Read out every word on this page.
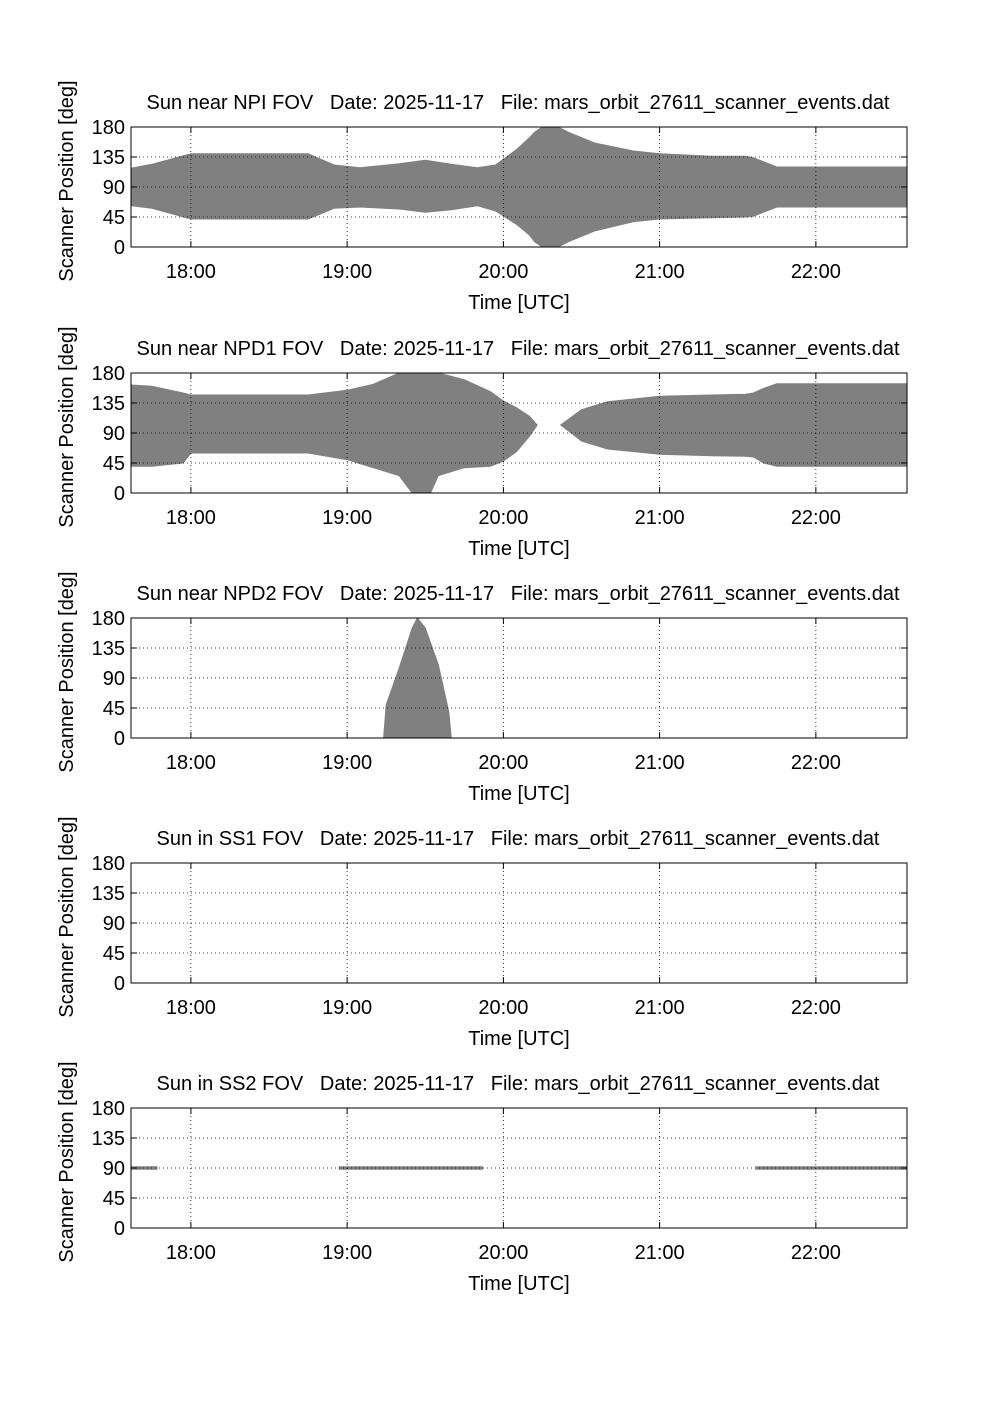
Sun near NPI FOV   Date: 2025-11-17   File: mars_orbit_27611_scanner_events.dat
Scanner Position [deg]
Time [UTC]
18:00	19:00	20:00	21:00	22:00
0
45
90
135
180
Sun near NPD1 FOV   Date: 2025-11-17   File: mars_orbit_27611_scanner_events.dat
Scanner Position [deg]
Time [UTC]
18:00	19:00	20:00	21:00	22:00
0
45
90
135
180
Sun near NPD2 FOV   Date: 2025-11-17   File: mars_orbit_27611_scanner_events.dat
Scanner Position [deg]
Time [UTC]
18:00	19:00	20:00	21:00	22:00
0
45
90
135
180
Sun in SS1 FOV   Date: 2025-11-17   File: mars_orbit_27611_scanner_events.dat
Scanner Position [deg]
Time [UTC]
18:00	19:00	20:00	21:00	22:00
0
45
90
135
180
Sun in SS2 FOV   Date: 2025-11-17   File: mars_orbit_27611_scanner_events.dat
Scanner Position [deg]
Time [UTC]
18:00	19:00	20:00	21:00	22:00
0
45
90
135
180
